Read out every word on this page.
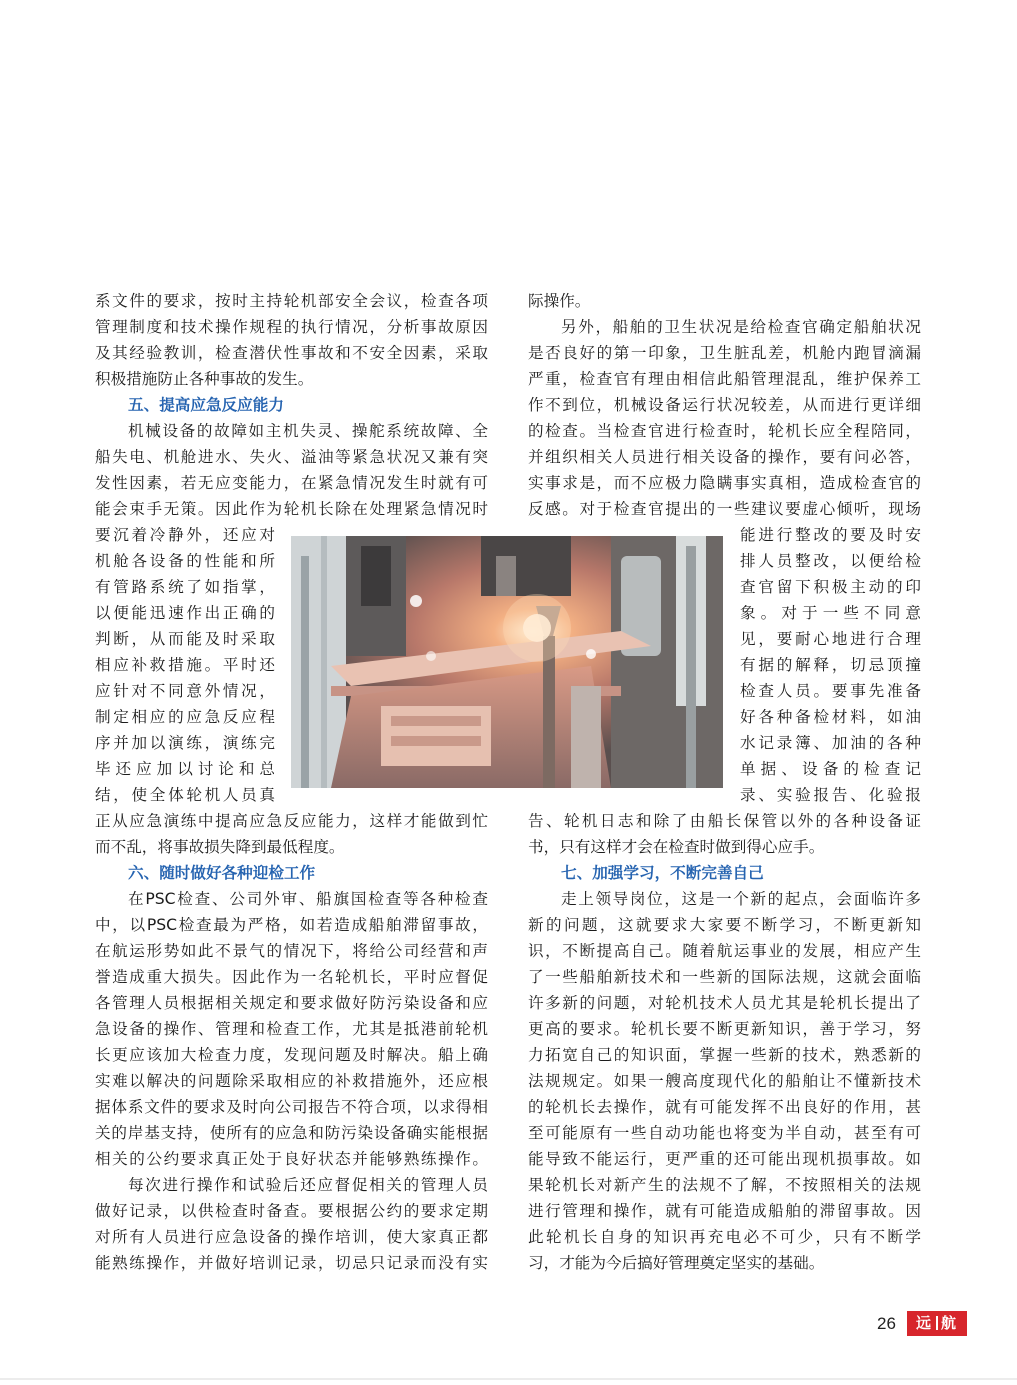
系文件的要求，按时主持轮机部安全会议，检查各项
管理制度和技术操作规程的执行情况，分析事故原因
及其经验教训，检查潜伏性事故和不安全因素，采取
积极措施防止各种事故的发生。
五、提高应急反应能力
机械设备的故障如主机失灵、操舵系统故障、全
船失电、机舱进水、失火、溢油等紧急状况又兼有突
发性因素，若无应变能力，在紧急情况发生时就有可
能会束手无策。因此作为轮机长除在处理紧急情况时
要沉着冷静外，还应对
机舱各设备的性能和所
有管路系统了如指掌，
以便能迅速作出正确的
判断，从而能及时采取
相应补救措施。平时还
应针对不同意外情况，
制定相应的应急反应程
序并加以演练，演练完
毕还应加以讨论和总
结，使全体轮机人员真
正从应急演练中提高应急反应能力，这样才能做到忙
而不乱，将事故损失降到最低程度。
六、随时做好各种迎检工作
在PSC检查、公司外审、船旗国检查等各种检查
中，以PSC检查最为严格，如若造成船舶滞留事故，
在航运形势如此不景气的情况下，将给公司经营和声
誉造成重大损失。因此作为一名轮机长，平时应督促
各管理人员根据相关规定和要求做好防污染设备和应
急设备的操作、管理和检查工作，尤其是抵港前轮机
长更应该加大检查力度，发现问题及时解决。船上确
实难以解决的问题除采取相应的补救措施外，还应根
据体系文件的要求及时向公司报告不符合项，以求得相
关的岸基支持，使所有的应急和防污染设备确实能根据
相关的公约要求真正处于良好状态并能够熟练操作。
每次进行操作和试验后还应督促相关的管理人员
做好记录，以供检查时备查。要根据公约的要求定期
对所有人员进行应急设备的操作培训，使大家真正都
能熟练操作，并做好培训记录，切忌只记录而没有实
际操作。
另外，船舶的卫生状况是给检查官确定船舶状况
是否良好的第一印象，卫生脏乱差，机舱内跑冒滴漏
严重，检查官有理由相信此船管理混乱，维护保养工
作不到位，机械设备运行状况较差，从而进行更详细
的检查。当检查官进行检查时，轮机长应全程陪同，
并组织相关人员进行相关设备的操作，要有问必答，
实事求是，而不应极力隐瞒事实真相，造成检查官的
反感。对于检查官提出的一些建议要虚心倾听，现场
能进行整改的要及时安
排人员整改，以便给检
查官留下积极主动的印
象。对于一些不同意
见，要耐心地进行合理
有据的解释，切忌顶撞
检查人员。要事先准备
好各种备检材料，如油
水记录簿、加油的各种
单据、设备的检查记
录、实验报告、化验报
告、轮机日志和除了由船长保管以外的各种设备证
书，只有这样才会在检查时做到得心应手。
七、加强学习，不断完善自己
走上领导岗位，这是一个新的起点，会面临许多
新的问题，这就要求大家要不断学习，不断更新知
识，不断提高自己。随着航运事业的发展，相应产生
了一些船舶新技术和一些新的国际法规，这就会面临
许多新的问题，对轮机技术人员尤其是轮机长提出了
更高的要求。轮机长要不断更新知识，善于学习，努
力拓宽自己的知识面，掌握一些新的技术，熟悉新的
法规规定。如果一艘高度现代化的船舶让不懂新技术
的轮机长去操作，就有可能发挥不出良好的作用，甚
至可能原有一些自动功能也将变为半自动，甚至有可
能导致不能运行，更严重的还可能出现机损事故。如
果轮机长对新产生的法规不了解，不按照相关的法规
进行管理和操作，就有可能造成船舶的滞留事故。因
此轮机长自身的知识再充电必不可少，只有不断学
习，才能为今后搞好管理奠定坚实的基础。
26	远 航
